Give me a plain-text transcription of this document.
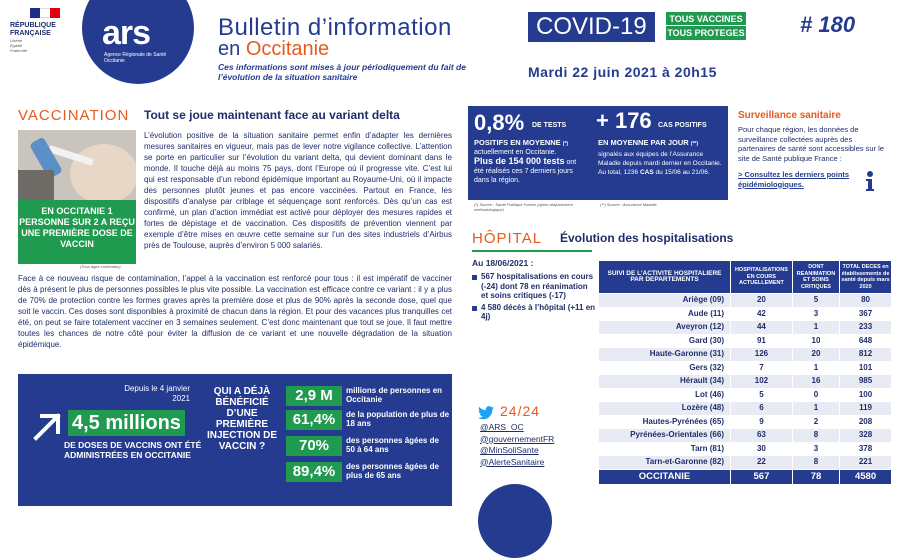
RÉPUBLIQUE
FRANÇAISE
Liberté
Égalité
Fraternité	ars
Agence Régionale de Santé Occitanie
Bulletin d’information	COVID-19	TOUS VACCINES
TOUS PROTEGES	# 180
en Occitanie
Ces informations sont mises à jour périodiquement du fait de l’évolution de la situation sanitaire	Mardi 22 juin 2021 à 20h15
VACCINATION Tout se joue maintenant face au variant delta
EN OCCITANIE 1 PERSONNE SUR 2 A REÇU UNE PREMIÈRE DOSE DE VACCIN
(Tous âges confondus)
L’évolution positive de la situation sanitaire permet enfin d’adapter les dernières mesures sanitaires en vigueur, mais pas de lever notre vigilance collective. L’attention se porte en particulier sur l’évolution du variant delta, qui devient dominant dans le monde. Il touche déjà au moins 75 pays, dont l’Europe où il progresse vite. C’est lui qui est responsable d’un rebond épidémique important au Royaume-Uni, où il impacte des personnes plutôt jeunes et pas encore vaccinées. Partout en France, les dispositifs d’analyse par criblage et séquençage sont renforcés. Dès qu’un cas est confirmé, un plan d’action immédiat est activé pour déployer des mesures rapides et fortes de dépistage et de vaccination. Ces dispositifs de prévention viennent par exemple d’être mises en œuvre cette semaine sur l’un des sites industriels d’Airbus près de Toulouse, auprès d’environ 5 000 salariés.
Face à ce nouveau risque de contamination, l’appel à la vaccination est renforcé pour tous : il est impératif de vacciner dès à présent le plus de personnes possibles le plus vite possible. La vaccination est efficace contre ce variant : il y a plus de 70% de protection contre les formes graves après la première dose et plus de 90% après la seconde dose, quel que soit le vaccin. Ces doses sont disponibles à proximité de chacun dans la région. Et pour des vacances plus tranquilles cet été, on peut se faire totalement vacciner en 3 semaines seulement. C’est donc maintenant que tout se joue. Il faut mettre toutes les chances de notre côté pour éviter la diffusion de ce variant et une nouvelle dégradation de la situation épidémique.
Depuis le 4 janvier 2021
4,5 millions
DE DOSES DE VACCINS ONT ÉTÉ ADMINISTRÉES EN OCCITANIE
QUI A DÉJÀ BÉNÉFICIÉ D’UNE PREMIÈRE INJECTION DE VACCIN ?
2,9 M	millions de personnes en Occitanie
61,4%	de la population de plus de 18 ans
70%	des personnes âgées de 50 à 64 ans
89,4%	des personnes âgées de plus de 65 ans
0,8% DE TESTS
POSITIFS EN MOYENNE (*)
actuellement en Occitanie.
Plus de 154 000 tests ont été réalisés ces 7 derniers jours dans la région.
+ 176 CAS POSITIFS
EN MOYENNE PAR JOUR (**)
signalés aux équipes de l’Assurance Maladie depuis mardi dernier en Occitanie. Au total, 1236 CAS du 15/06 au 21/06.
(*) Source : Santé Publique France (après réajustement méthodologique)
(**) Source : Assurance Maladie
Surveillance sanitaire
Pour chaque région, les données de surveillance collectées auprès des partenaires de santé sont accessibles sur le site de Santé publique France :
> Consultez les derniers points épidémiologiques.
HÔPITAL Évolution des hospitalisations
Au 18/06/2021 :
567 hospitalisations en cours (-24) dont 78 en réanimation et soins critiques (-17)
4 580 décès à l’hôpital (+11 en 4j)
24/24
@ARS_OC
@gouvernementFR
@MinSoliSante
@AlerteSanitaire
SUIVI DE L’ACTIVITE HOSPITALIERE PAR DEPARTEMENTS	HOSPITALISATIONS EN COURS ACTUELLEMENT	DONT REANIMATION ET SOINS CRITIQUES	TOTAL DECES en établissements de santé depuis mars 2020
Ariège (09)	20	5	80
Aude (11)	42	3	367
Aveyron (12)	44	1	233
Gard (30)	91	10	648
Haute-Garonne (31)	126	20	812
Gers (32)	7	1	101
Hérault (34)	102	16	985
Lot (46)	5	0	100
Lozère (48)	6	1	119
Hautes-Pyrénées (65)	9	2	208
Pyrénées-Orientales (66)	63	8	328
Tarn (81)	30	3	378
Tarn-et-Garonne (82)	22	8	221
OCCITANIE	567	78	4580
